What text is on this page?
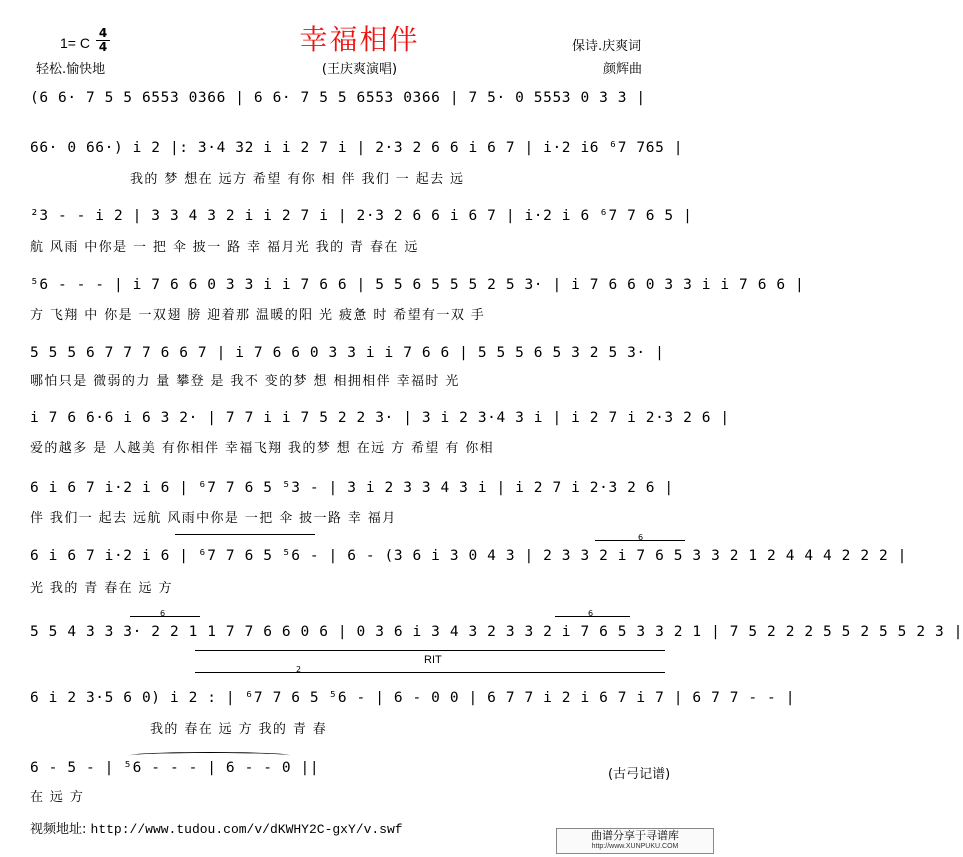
幸福相伴
1= C
4
4
轻松.愉快地	(王庆爽演唱)
保诗.庆爽词
颜辉曲
(6 6· 7 5 5 6553 0366 | 6 6· 7 5 5 6553 0366 | 7 5· 0 5553 0 3 3 |
66· 0 66·) i 2 |: 3·4 32 i i 2 7 i | 2·3 2 6 6 i 6 7 | i·2 i6 ⁶7 765 |
我的 梦 想在 远方 希望 有你 相 伴 我们 一 起去 远
²3 - - i 2 | 3 3 4 3 2 i i 2 7 i | 2·3 2 6 6 i 6 7 | i·2 i 6 ⁶7 7 6 5 |
航 风雨 中你是 一 把 伞 披一 路 幸 福月光 我的 青 春在 远
⁵6 - - - | i 7 6 6 0 3 3 i i 7 6 6 | 5 5 6 5 5 5 2 5 3· | i 7 6 6 0 3 3 i i 7 6 6 |
方 飞翔 中 你是 一双翅 膀 迎着那 温暖的阳 光 疲惫 时 希望有一双 手
5 5 5 6 7 7 7 6 6 7 | i 7 6 6 0 3 3 i i 7 6 6 | 5 5 5 6 5 3 2 5 3· |
哪怕只是 微弱的力 量 攀登 是 我不 变的梦 想 相拥相伴 幸福时 光
i 7 6 6·6 i 6 3 2· | 7 7 i i 7 5 2 2 3· | 3 i 2 3·4 3 i | i 2 7 i 2·3 2 6 |
爱的越多 是 人越美 有你相伴 幸福飞翔 我的梦 想 在远 方 希望 有 你相
6 i 6 7 i·2 i 6 | ⁶7 7 6 5 ⁵3 - | 3 i 2 3 3 4 3 i | i 2 7 i 2·3 2 6 |
伴 我们一 起去 远航 风雨中你是 一把 伞 披一路 幸 福月
6
6 i 6 7 i·2 i 6 | ⁶7 7 6 5 ⁵6 - | 6 - (3 6 i 3 0 4 3 | 2 3 3 2 i 7 6 5 3 3 2 1 2 4 4 4 2 2 2 |
光 我的 青 春在 远 方
6	6
5 5 4 3 3 3· 2 2 1 1 7 7 6 6 0 6 | 0 3 6 i 3 4 3 2 3 3 2 i 7 6 5 3 3 2 1 | 7 5 2 2 2 5 5 2 5 5 2 3 |
RIT
2
6 i 2 3·5 6 0) i 2 : | ⁶7 7 6 5 ⁵6 - | 6 - 0 0 | 6 7 7 i 2 i 6 7 i 7 | 6 7 7 - - |
我的 春在 远 方 我的 青 春
6 - 5 - | ⁵6 - - - | 6 - - 0 ||
在 远 方
(古弓记谱)
视频地址: http://www.tudou.com/v/dKWHY2C-gxY/v.swf	曲谱分享于寻谱库
http://www.XUNPUKU.COM
